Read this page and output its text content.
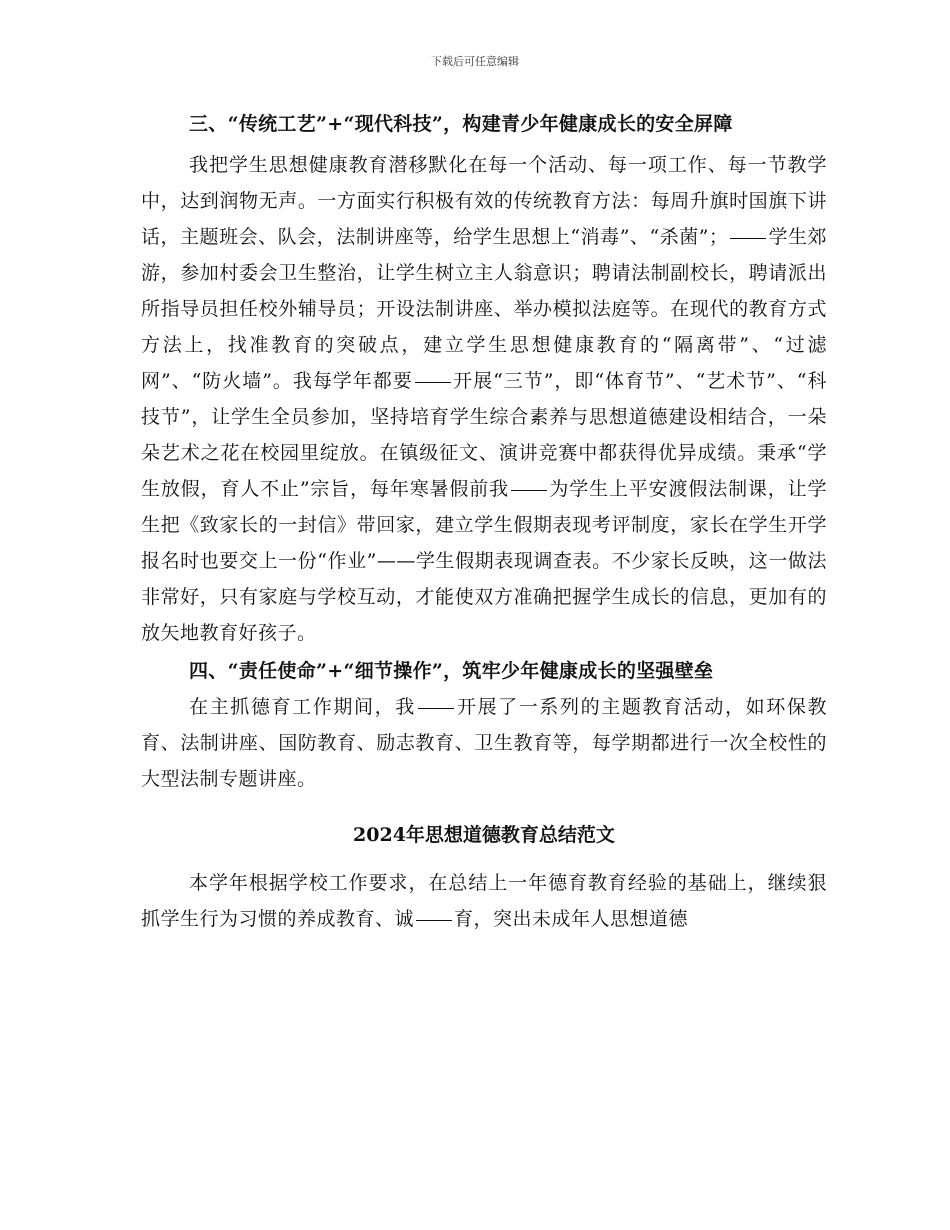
下载后可任意编辑

三、“传统工艺”+“现代科技”，构建青少年健康成长的安全屏障

我把学生思想健康教育潜移默化在每一个活动、每一项工作、每一节教学中，达到润物无声。一方面实行积极有效的传统教育方法：每周升旗时国旗下讲话，主题班会、队会，法制讲座等，给学生思想上“消毒”、“杀菌”； 学生郊游，参加村委会卫生整治，让学生树立主人翁意识；聘请法制副校长，聘请派出所指导员担任校外辅导员；开设法制讲座、举办模拟法庭等。在现代的教育方式方法上，找准教育的突破点，建立学生思想健康教育的“隔离带”、“过滤网”、“防火墙”。我每学年都要 开展“三节”，即“体育节”、“艺术节”、“科技节”，让学生全员参加，坚持培育学生综合素养与思想道德建设相结合，一朵朵艺术之花在校园里绽放。在镇级征文、演讲竞赛中都获得优异成绩。秉承“学生放假，育人不止”宗旨，每年寒暑假前我 为学生上平安渡假法制课，让学生把《致家长的一封信》带回家，建立学生假期表现考评制度，家长在学生开学报名时也要交上一份“作业”——学生假期表现调查表。不少家长反映，这一做法非常好，只有家庭与学校互动，才能使双方准确把握学生成长的信息，更加有的放矢地教育好孩子。

四、“责任使命”+“细节操作”，筑牢少年健康成长的坚强壁垒

在主抓德育工作期间，我 开展了一系列的主题教育活动，如环保教育、法制讲座、国防教育、励志教育、卫生教育等，每学期都进行一次全校性的大型法制专题讲座。

2024年思想道德教育总结范文

本学年根据学校工作要求，在总结上一年德育教育经验的基础上，继续狠抓学生行为习惯的养成教育、诚 育，突出未成年人思想道德
